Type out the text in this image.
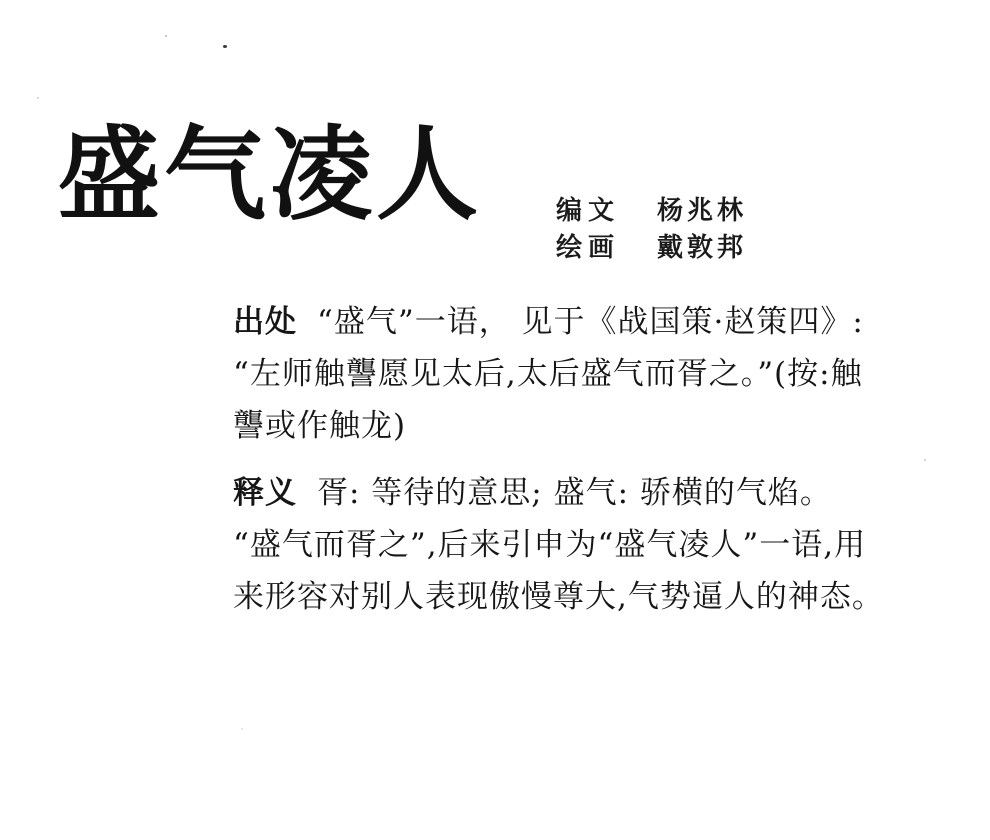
盛气凌人	编文 杨兆林
绘画 戴敦邦
出处 “盛气”一语， 见于《战国策·赵策四》:
“左师触讋愿见太后,太后盛气而胥之。”(按:触
讋或作触龙)
释义 胥: 等待的意思; 盛气: 骄横的气焰。
“盛气而胥之”,后来引申为“盛气凌人”一语,用
来形容对别人表现傲慢尊大,气势逼人的神态。
